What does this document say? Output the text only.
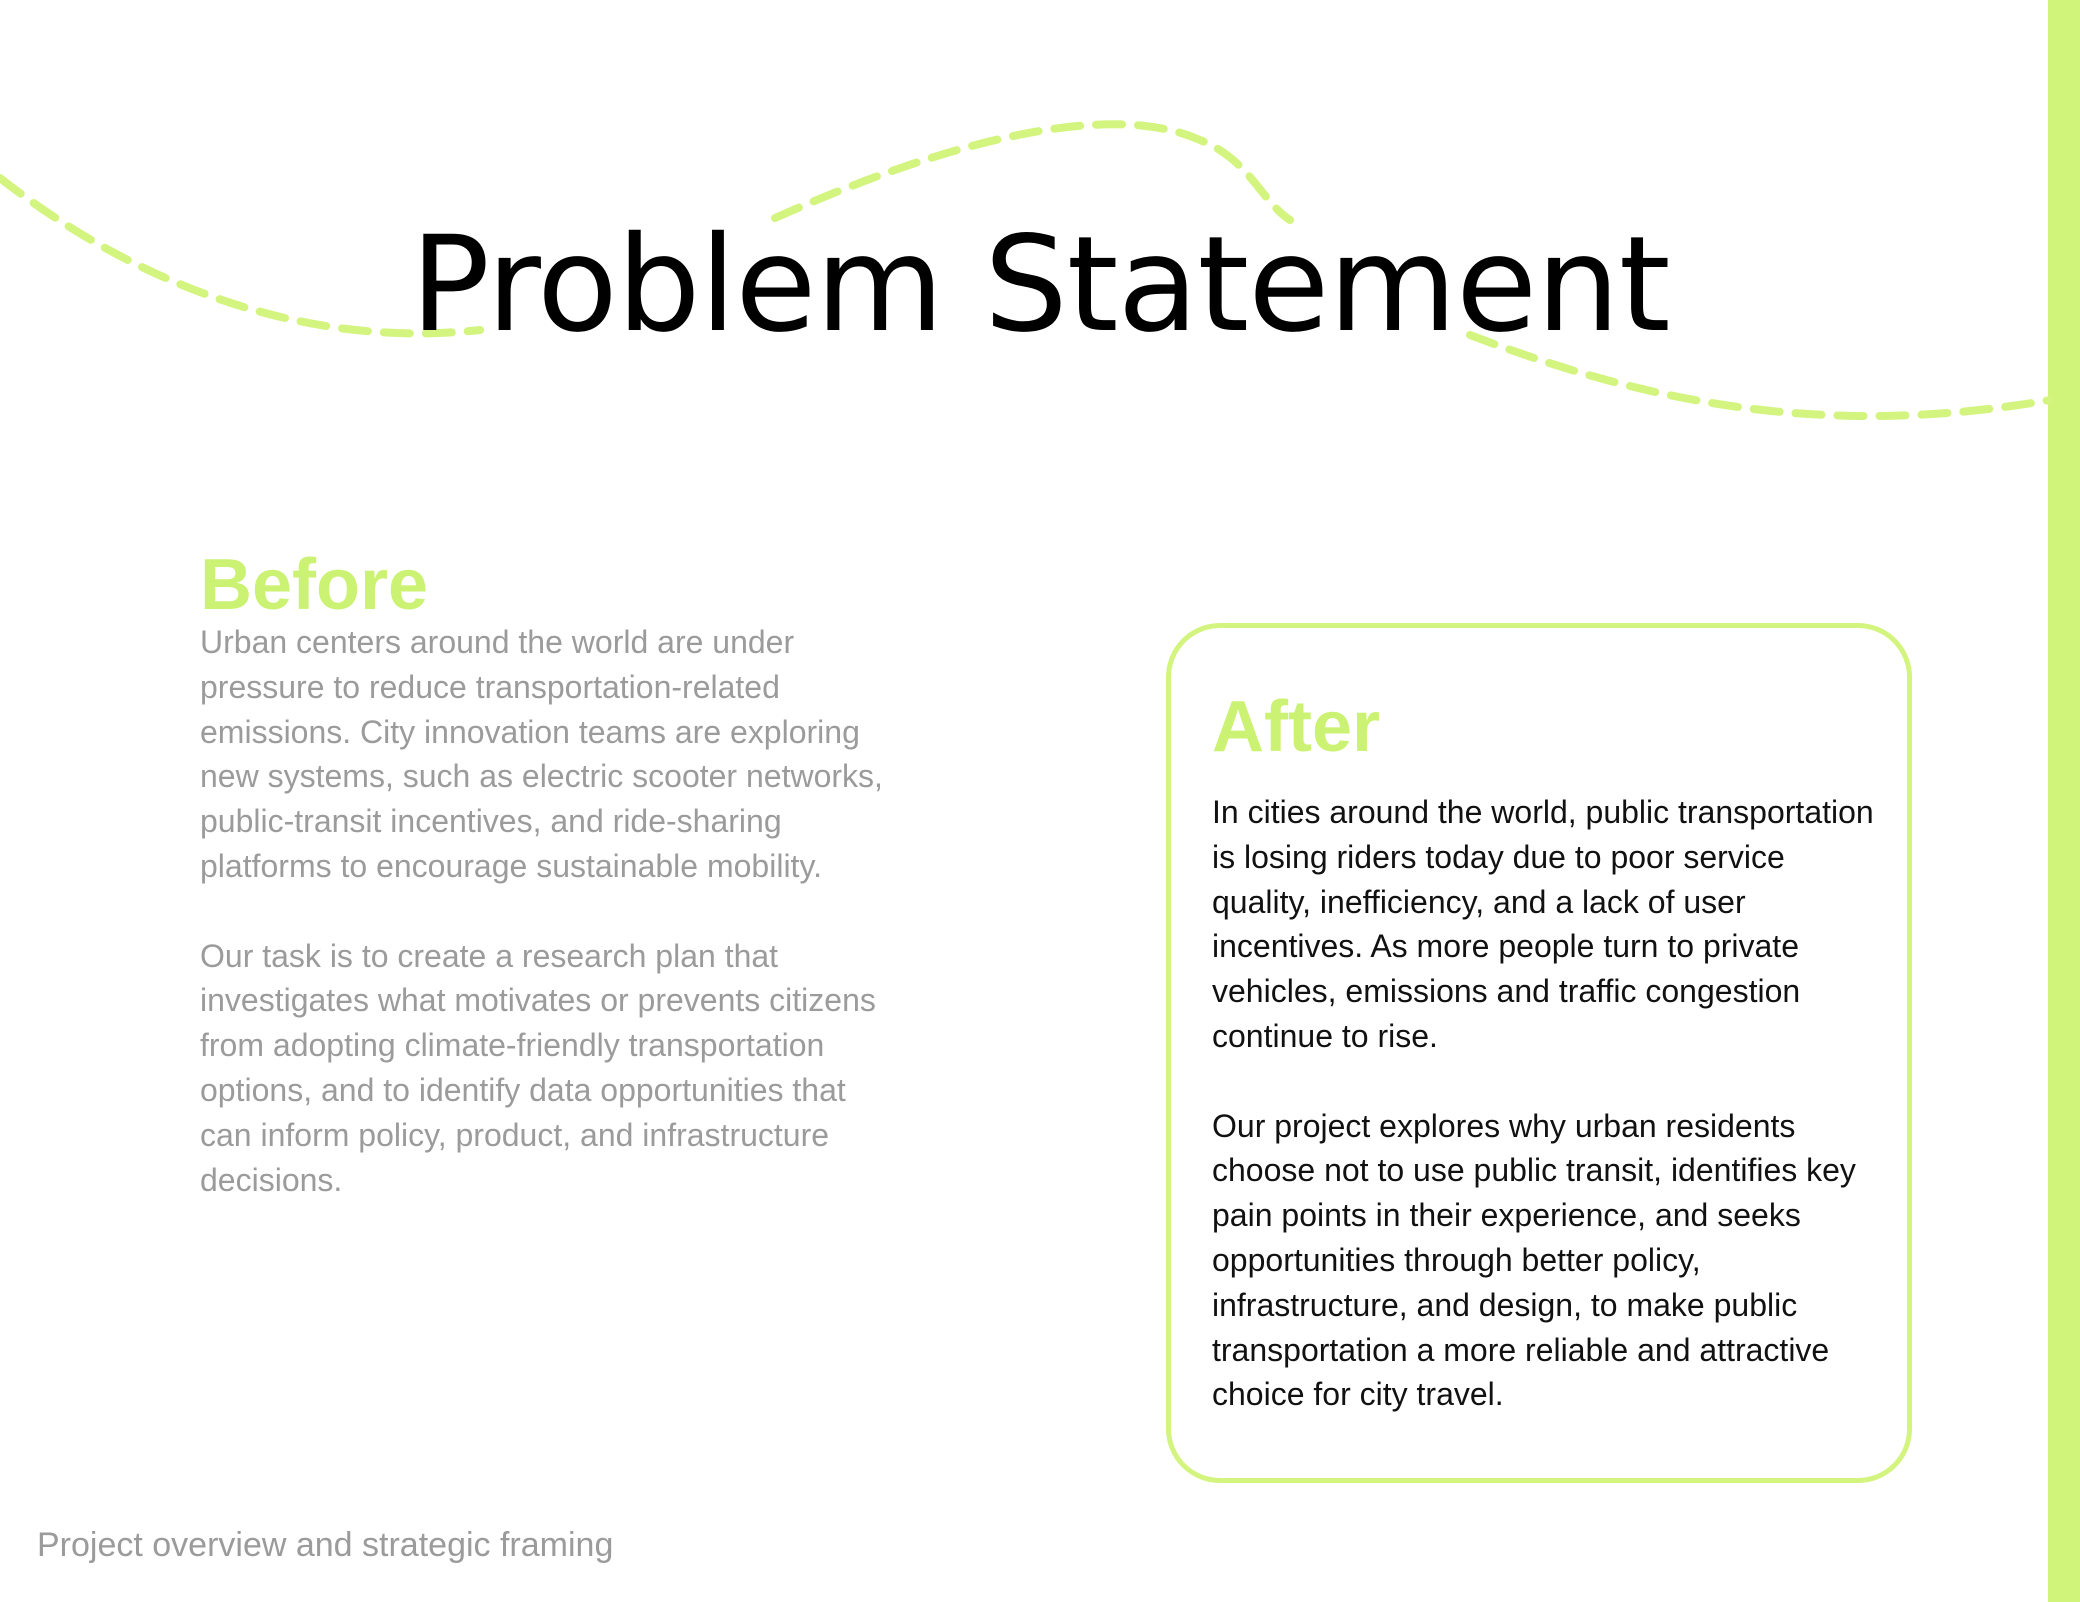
Problem Statement
Before

Urban centers around the world are under pressure to reduce transportation-related emissions. City innovation teams are exploring new systems, such as electric scooter networks, public-transit incentives, and ride-sharing platforms to encourage sustainable mobility.

Our task is to create a research plan that investigates what motivates or prevents citizens from adopting climate-friendly transportation options, and to identify data opportunities that can inform policy, product, and infrastructure decisions.

After

In cities around the world, public transportation is losing riders today due to poor service quality, inefficiency, and a lack of user incentives. As more people turn to private vehicles, emissions and traffic congestion continue to rise.

Our project explores why urban residents choose not to use public transit, identifies key pain points in their experience, and seeks opportunities through better policy, infrastructure, and design, to make public transportation a more reliable and attractive choice for city travel.

Project overview and strategic framing
